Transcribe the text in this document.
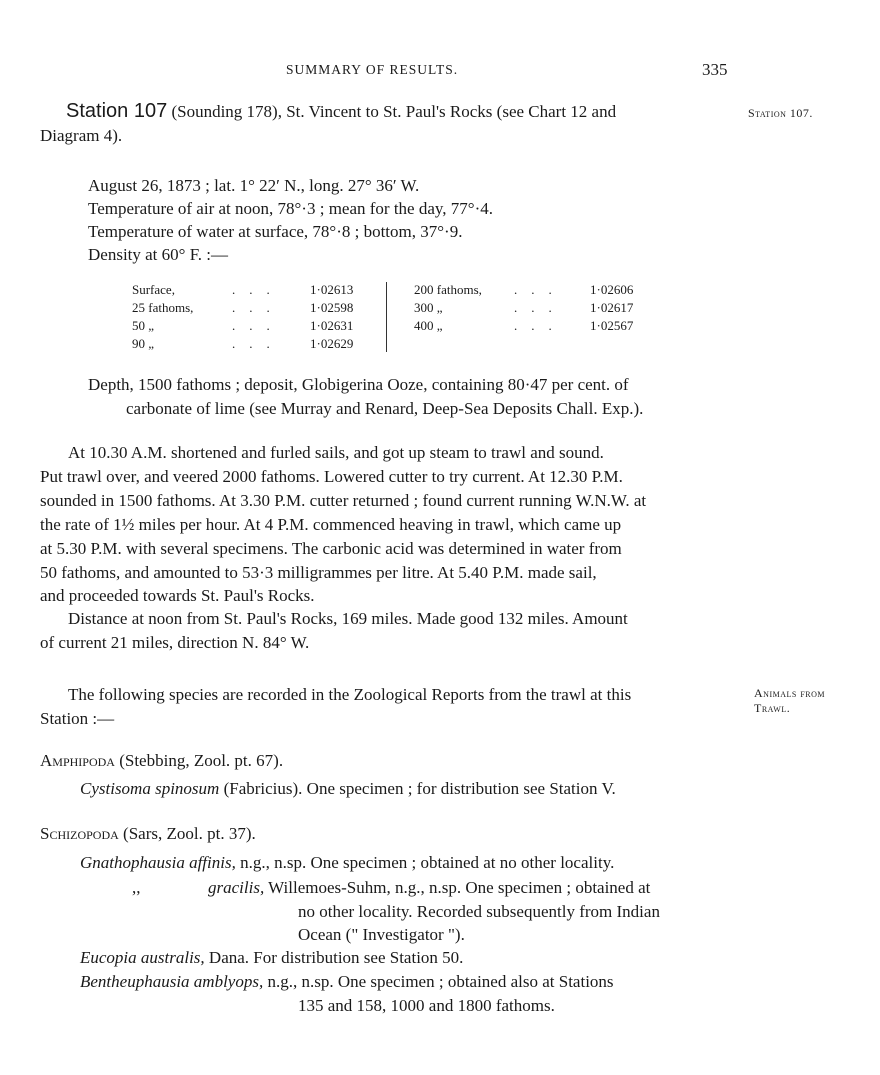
SUMMARY OF RESULTS.	335
Station 107 (Sounding 178), St. Vincent to St. Paul's Rocks (see Chart 12 and
Diagram 4).
Station 107.
August 26, 1873 ; lat. 1° 22′ N., long. 27° 36′ W.
Temperature of air at noon, 78°·3 ; mean for the day, 77°·4.
Temperature of water at surface, 78°·8 ; bottom, 37°·9.
Density at 60° F. :—
Surface,	...	1·02613
25 fathoms,	...	1·02598
50 „	...	1·02631
90 „	...	1·02629
200 fathoms,	...	1·02606
300 „	...	1·02617
400 „	...	1·02567
Depth, 1500 fathoms ; deposit, Globigerina Ooze, containing 80·47 per cent. of
carbonate of lime (see Murray and Renard, Deep-Sea Deposits Chall. Exp.).
At 10.30 A.M. shortened and furled sails, and got up steam to trawl and sound.
Put trawl over, and veered 2000 fathoms. Lowered cutter to try current. At 12.30 P.M.
sounded in 1500 fathoms. At 3.30 P.M. cutter returned ; found current running W.N.W. at
the rate of 1½ miles per hour. At 4 P.M. commenced heaving in trawl, which came up
at 5.30 P.M. with several specimens. The carbonic acid was determined in water from
50 fathoms, and amounted to 53·3 milligrammes per litre. At 5.40 P.M. made sail,
and proceeded towards St. Paul's Rocks.
Distance at noon from St. Paul's Rocks, 169 miles. Made good 132 miles. Amount
of current 21 miles, direction N. 84° W.
The following species are recorded in the Zoological Reports from the trawl at this
Station :—
Animals from
Trawl.
Amphipoda (Stebbing, Zool. pt. 67).
Cystisoma spinosum (Fabricius). One specimen ; for distribution see Station V.
Schizopoda (Sars, Zool. pt. 37).
Gnathophausia affinis, n.g., n.sp. One specimen ; obtained at no other locality.
,,	gracilis, Willemoes-Suhm, n.g., n.sp. One specimen ; obtained at
no other locality. Recorded subsequently from Indian
Ocean (" Investigator ").
Eucopia australis, Dana. For distribution see Station 50.
Bentheuphausia amblyops, n.g., n.sp. One specimen ; obtained also at Stations
135 and 158, 1000 and 1800 fathoms.
